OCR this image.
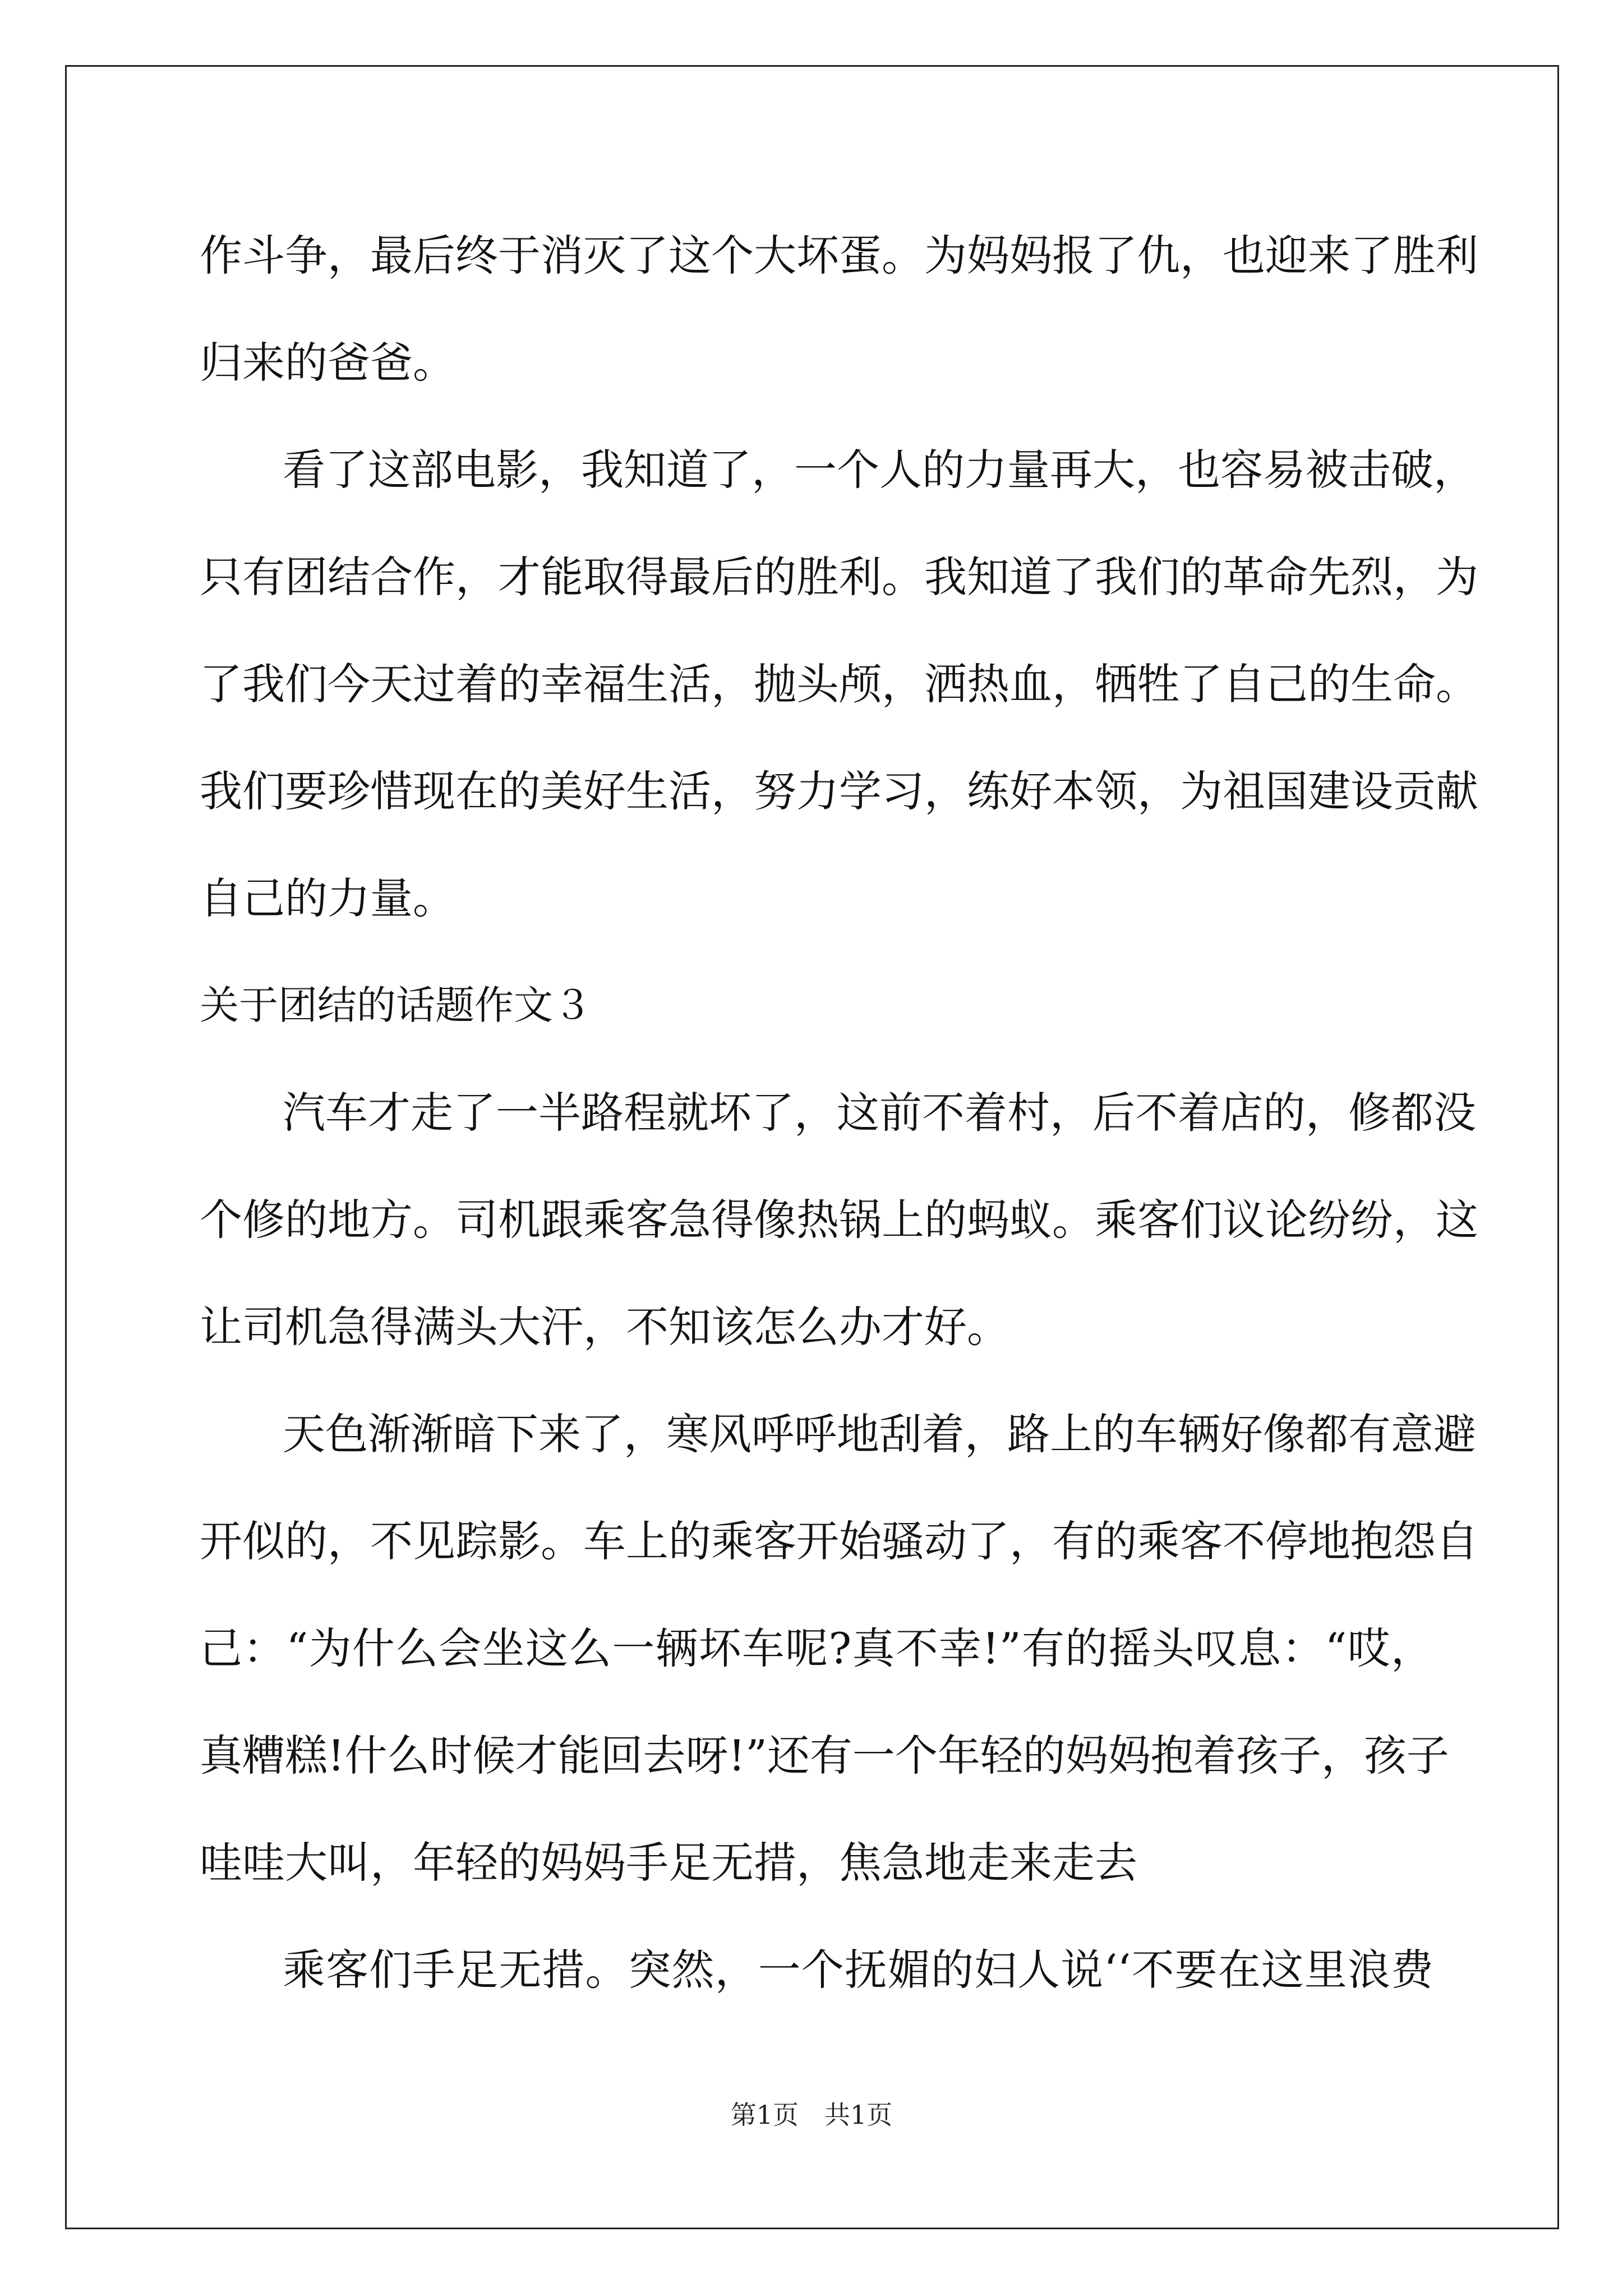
作斗争，最后终于消灭了这个大坏蛋。为妈妈报了仇，也迎来了胜利
归来的爸爸。
看了这部电影，我知道了，一个人的力量再大，也容易被击破，
只有团结合作，才能取得最后的胜利。我知道了我们的革命先烈，为
了我们今天过着的幸福生活，抛头颅，洒热血，牺牲了自己的生命。
我们要珍惜现在的美好生活，努力学习，练好本领，为祖国建设贡献
自己的力量。
关于团结的话题作文３
汽车才走了一半路程就坏了，这前不着村，后不着店的，修都没
个修的地方。司机跟乘客急得像热锅上的蚂蚁。乘客们议论纷纷，这
让司机急得满头大汗，不知该怎么办才好。
天色渐渐暗下来了，寒风呼呼地刮着，路上的车辆好像都有意避
开似的，不见踪影。车上的乘客开始骚动了，有的乘客不停地抱怨自
己：“为什么会坐这么一辆坏车呢?真不幸!”有的摇头叹息：“哎，
真糟糕!什么时候才能回去呀!”还有一个年轻的妈妈抱着孩子，孩子
哇哇大叫，年轻的妈妈手足无措，焦急地走来走去
乘客们手足无措。突然，一个抚媚的妇人说‘‘不要在这里浪费
第1页　共1页
